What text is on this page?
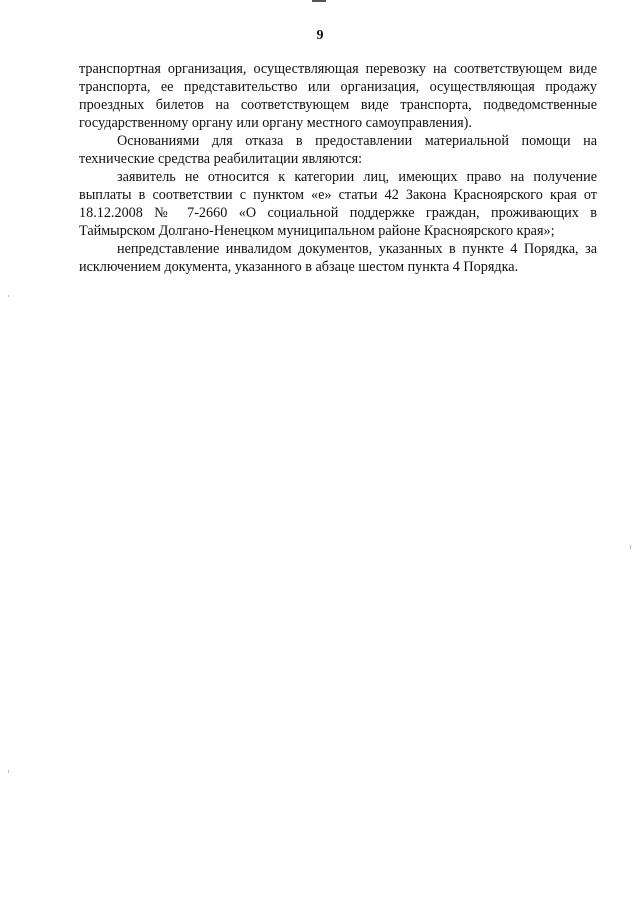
9

транспортная организация, осуществляющая перевозку на соответствующем виде транспорта, ее представительство или организация, осуществляющая продажу проездных билетов на соответствующем виде транспорта, подведомственные государственному органу или органу местного самоуправления).

Основаниями для отказа в предоставлении материальной помощи на технические средства реабилитации являются:

заявитель не относится к категории лиц, имеющих право на получение выплаты в соответствии с пунктом «е» статьи 42 Закона Красноярского края от 18.12.2008 № 7-2660 «О социальной поддержке граждан, проживающих в Таймырском Долгано-Ненецком муниципальном районе Красноярского края»;

непредставление инвалидом документов, указанных в пункте 4 Порядка, за исключением документа, указанного в абзаце шестом пункта 4 Порядка.
